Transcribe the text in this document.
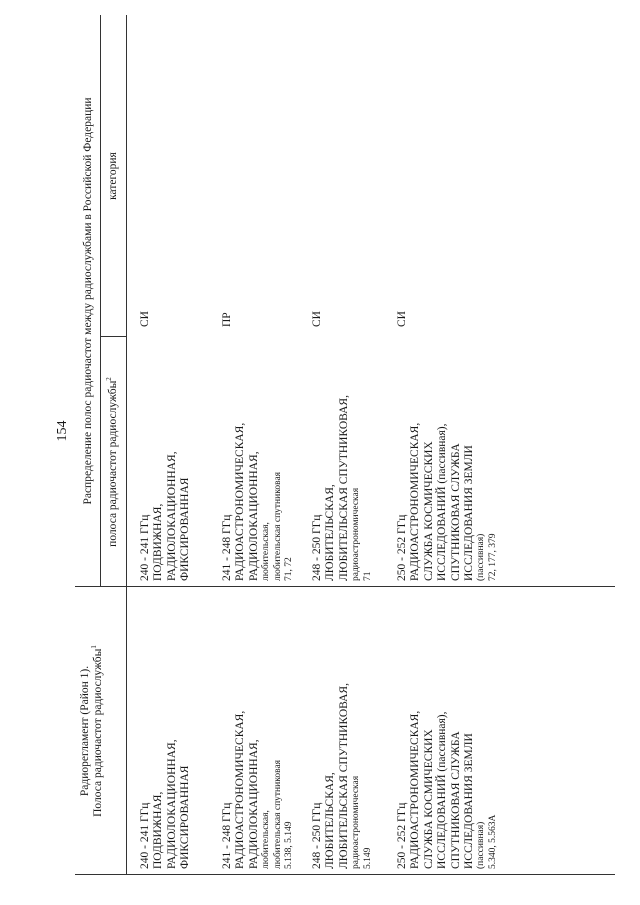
154
Радиорегламент (Район 1). Полоса радиочастот радиослужбы$^1$
Распределение полос радиочастот между радиослужбами в Российской Федерации полоса радиочастот радиослужбы$^2$
категория
240 - 241 ГГц ПОДВИЖНАЯ, РАДИОЛОКАЦИОННАЯ, ФИКСИРОВАННАЯ
240 - 241 ГГц ПОДВИЖНАЯ, РАДИОЛОКАЦИОННАЯ, ФИКСИРОВАННАЯ
СИ
241 - 248 ГГц РАДИОАСТРОНОМИЧЕСКАЯ, РАДИОЛОКАЦИОННАЯ, любительская, любительская спутниковая 5.138, 5.149
241 - 248 ГГц РАДИОАСТРОНОМИЧЕСКАЯ, РАДИОЛОКАЦИОННАЯ, любительская, любительская спутниковая 71, 72
ПР
248 - 250 ГГц ЛЮБИТЕЛЬСКАЯ, ЛЮБИТЕЛЬСКАЯ СПУТНИКОВАЯ, радиоастрономическая 5.149
248 - 250 ГГц ЛЮБИТЕЛЬСКАЯ, ЛЮБИТЕЛЬСКАЯ СПУТНИКОВАЯ, радиоастрономическая 71
СИ
250 - 252 ГГц РАДИОАСТРОНОМИЧЕСКАЯ, СЛУЖБА КОСМИЧЕСКИХ ИССЛЕДОВАНИЙ (пассивная), СПУТНИКОВАЯ СЛУЖБА ИССЛЕДОВАНИЯ ЗЕМЛИ (пассивная) 5.340, 5.563А
250 - 252 ГГц РАДИОАСТРОНОМИЧЕСКАЯ, СЛУЖБА КОСМИЧЕСКИХ ИССЛЕДОВАНИЙ (пассивная), СПУТНИКОВАЯ СЛУЖБА ИССЛЕДОВАНИЯ ЗЕМЛИ (пассивная) 72, 177, 379
СИ
